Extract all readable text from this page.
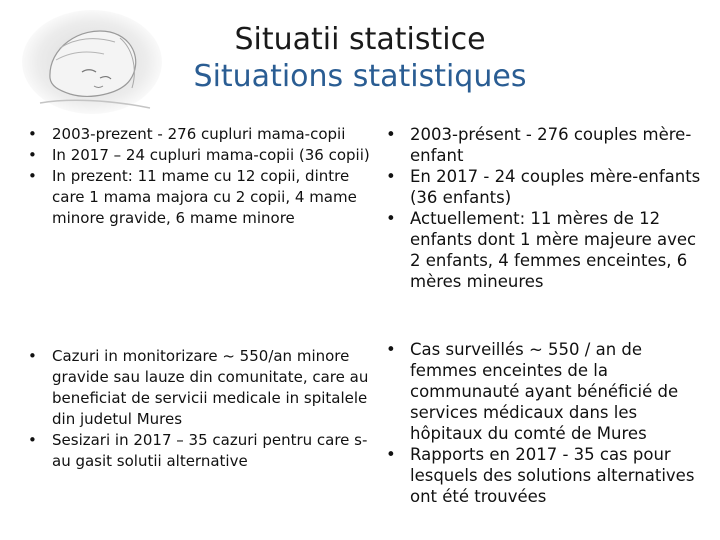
Situatii statistice
Situations statistiques
• 2003-prezent - 276 cupluri mama-copii
• In 2017 – 24 cupluri mama-copii (36 copii)
• In prezent: 11 mame cu 12 copii, dintre care 1 mama majora cu 2 copii, 4 mame minore gravide, 6 mame minore
• Cazuri in monitorizare ~ 550/an minore gravide sau lauze din comunitate, care au beneficiat de servicii medicale in spitalele din judetul Mures
• Sesizari in 2017 – 35 cazuri pentru care s-au gasit solutii alternative
• 2003-présent - 276 couples mère-enfant
• En 2017 - 24 couples mère-enfants (36 enfants)
• Actuellement: 11 mères de 12 enfants dont 1 mère majeure avec 2 enfants, 4 femmes enceintes, 6 mères mineures
• Cas surveillés ~ 550 / an de femmes enceintes de la communauté ayant bénéficié de services médicaux dans les hôpitaux du comté de Mures
• Rapports en 2017 - 35 cas pour lesquels des solutions alternatives ont été trouvées
